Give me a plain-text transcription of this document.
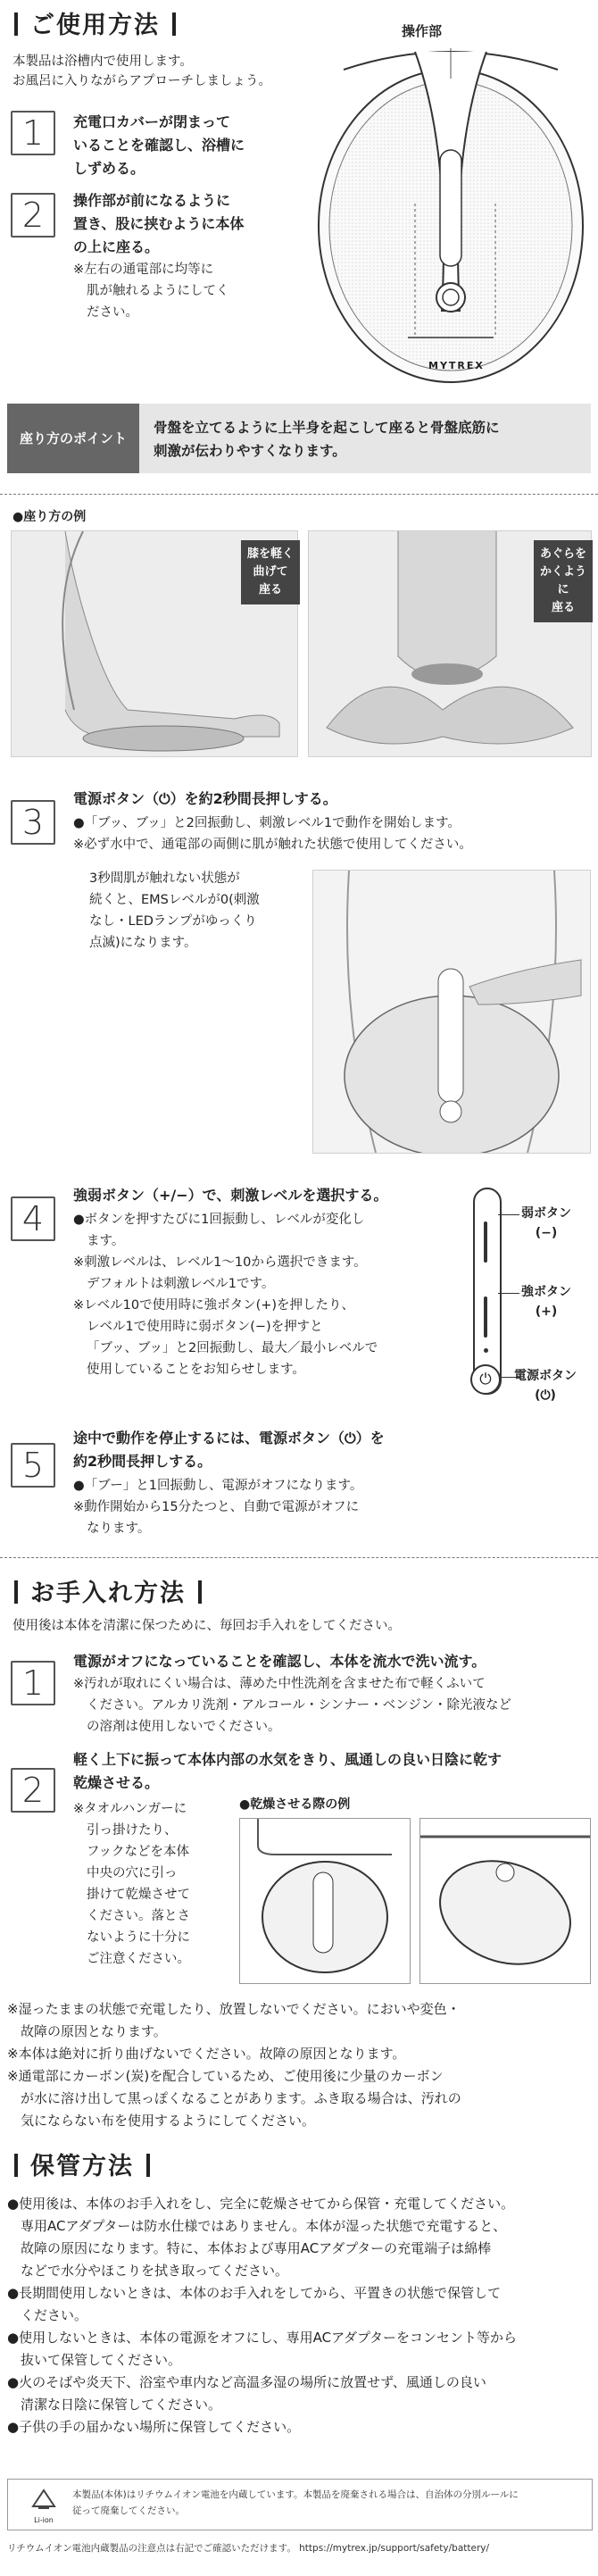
ご使用方法
本製品は浴槽内で使用します。
お風呂に入りながらアプローチしましょう。
操作部
MYTREX
1	充電口カバーが閉まって
いることを確認し、浴槽に
しずめる。
2	操作部が前になるように
置き、股に挟むように本体
の上に座る。
※左右の通電部に均等に
肌が触れるようにしてく
ださい。
座り方のポイント
骨盤を立てるように上半身を起こして座ると骨盤底筋に
刺激が伝わりやすくなります。
●座り方の例
膝を軽く
曲げて
座る
あぐらを
かくように
座る
3
電源ボタン（⏻）を約2秒間長押しする。
●「ブッ、ブッ」と2回振動し、刺激レベル1で動作を開始します。
※必ず水中で、通電部の両側に肌が触れた状態で使用してください。
3秒間肌が触れない状態が
続くと、EMSレベルが0(刺激
なし・LEDランプがゆっくり
点滅)になります。
4
強弱ボタン（+/−）で、刺激レベルを選択する。
●ボタンを押すたびに1回振動し、レベルが変化し
ます。
※刺激レベルは、レベル1～10から選択できます。
デフォルトは刺激レベル1です。
※レベル10で使用時に強ボタン(+)を押したり、
レベル1で使用時に弱ボタン(−)を押すと
「ブッ、ブッ」と2回振動し、最大／最小レベルで
使用していることをお知らせします。
⏻
弱ボタン
(−)
強ボタン
(+)
電源ボタン
(⏻)
5
途中で動作を停止するには、電源ボタン（⏻）を
約2秒間長押しする。
●「ブー」と1回振動し、電源がオフになります。
※動作開始から15分たつと、自動で電源がオフに
なります。
お手入れ方法
使用後は本体を清潔に保つために、毎回お手入れをしてください。
1
電源がオフになっていることを確認し、本体を流水で洗い流す。
※汚れが取れにくい場合は、薄めた中性洗剤を含ませた布で軽くふいて
ください。アルカリ洗剤・アルコール・シンナー・ベンジン・除光液など
の溶剤は使用しないでください。
2
軽く上下に振って本体内部の水気をきり、風通しの良い日陰に乾す
乾燥させる。
※タオルハンガーに
引っ掛けたり、
フックなどを本体
中央の穴に引っ
掛けて乾燥させて
ください。落とさ
ないように十分に
ご注意ください。
●乾燥させる際の例
※湿ったままの状態で充電したり、放置しないでください。においや変色・
故障の原因となります。
※本体は絶対に折り曲げないでください。故障の原因となります。
※通電部にカーボン(炭)を配合しているため、ご使用後に少量のカーボン
が水に溶け出して黒っぽくなることがあります。ふき取る場合は、汚れの
気にならない布を使用するようにしてください。
保管方法
●使用後は、本体のお手入れをし、完全に乾燥させてから保管・充電してください。
専用ACアダプターは防水仕様ではありません。本体が湿った状態で充電すると、
故障の原因になります。特に、本体および専用ACアダプターの充電端子は綿棒
などで水分やほこりを拭き取ってください。
●長期間使用しないときは、本体のお手入れをしてから、平置きの状態で保管して
ください。
●使用しないときは、本体の電源をオフにし、専用ACアダプターをコンセント等から
抜いて保管してください。
●火のそばや炎天下、浴室や車内など高温多湿の場所に放置せず、風通しの良い
清潔な日陰に保管してください。
●子供の手の届かない場所に保管してください。
Li-ion
本製品(本体)はリチウムイオン電池を内蔵しています。本製品を廃棄される場合は、自治体の分別ルールに
従って廃棄してください。
リチウムイオン電池内蔵製品の注意点は右記でご確認いただけます。 https://mytrex.jp/support/safety/battery/
